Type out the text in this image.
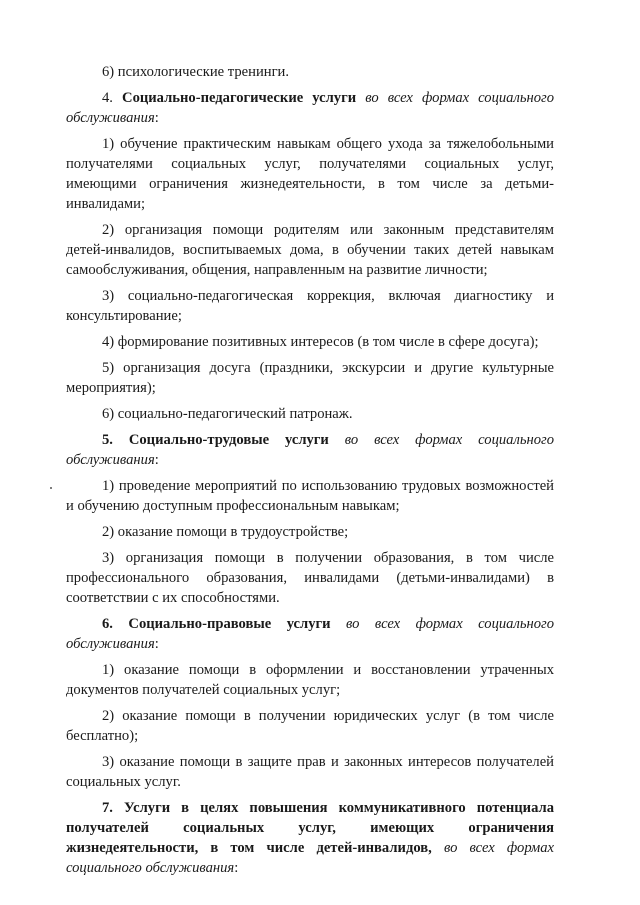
6) психологические тренинги.

4. Социально-педагогические услуги во всех формах социального обслуживания:

1) обучение практическим навыкам общего ухода за тяжелобольными получателями социальных услуг, получателями социальных услуг, имеющими ограничения жизнедеятельности, в том числе за детьми-инвалидами;

2) организация помощи родителям или законным представителям детей-инвалидов, воспитываемых дома, в обучении таких детей навыкам самообслуживания, общения, направленным на развитие личности;

3) социально-педагогическая коррекция, включая диагностику и консультирование;

4) формирование позитивных интересов (в том числе в сфере досуга);

5) организация досуга (праздники, экскурсии и другие культурные мероприятия);

6) социально-педагогический патронаж.

5. Социально-трудовые услуги во всех формах социального обслуживания:

1) проведение мероприятий по использованию трудовых возможностей и обучению доступным профессиональным навыкам;

2) оказание помощи в трудоустройстве;

3) организация помощи в получении образования, в том числе профессионального образования, инвалидами (детьми-инвалидами) в соответствии с их способностями.

6. Социально-правовые услуги во всех формах социального обслуживания:

1) оказание помощи в оформлении и восстановлении утраченных документов получателей социальных услуг;

2) оказание помощи в получении юридических услуг (в том числе бесплатно);

3) оказание помощи в защите прав и законных интересов получателей социальных услуг.

7. Услуги в целях повышения коммуникативного потенциала получателей социальных услуг, имеющих ограничения жизнедеятельности, в том числе детей-инвалидов, во всех формах социального обслуживания:
